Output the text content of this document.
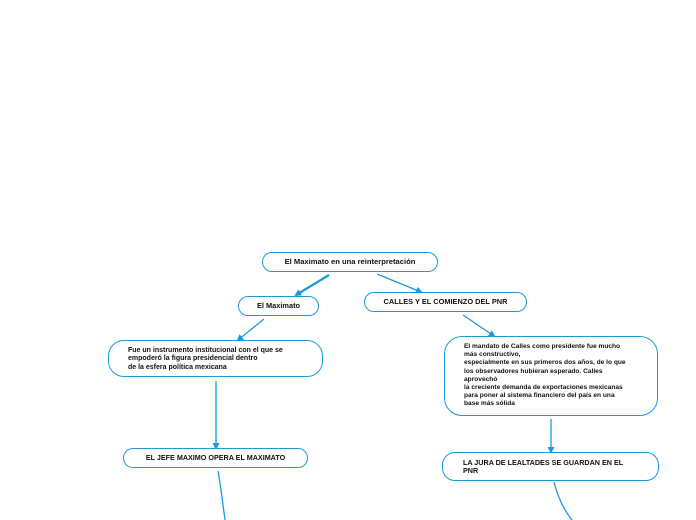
El Maximato en una reinterpretación
El Maximato	CALLES Y EL COMIENZO DEL PNR
Fue un instrumento institucional con el que se
empoderó la figura presidencial dentro
de la esfera política mexicana
El mandato de Calles como presidente fue mucho
más constructivo,
especialmente en sus primeros dos años, de lo que
los observadores hubieran esperado. Calles
aprovechó
la creciente demanda de exportaciones mexicanas
para poner al sistema financiero del país en una
base más sólida
EL JEFE MAXIMO OPERA EL MAXIMATO
LA JURA DE LEALTADES SE GUARDAN EN EL
PNR
